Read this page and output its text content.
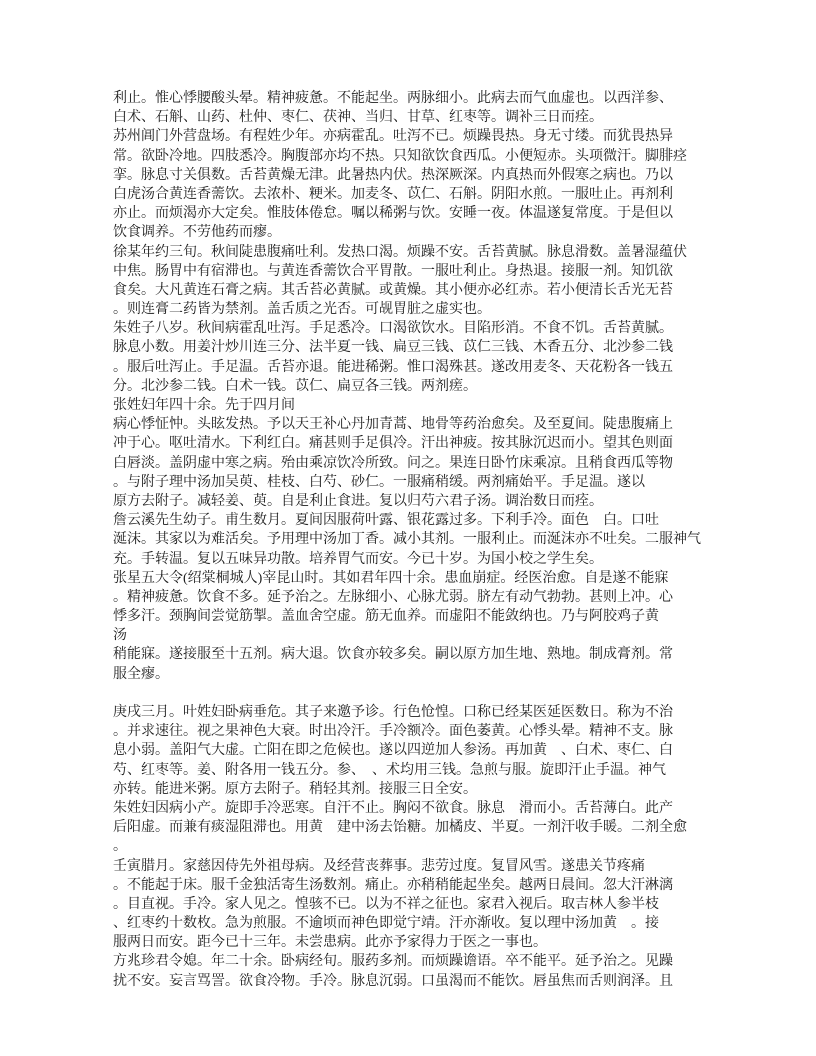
利止。惟心悸腰酸头晕。精神疲惫。不能起坐。两脉细小。此病去而气血虚也。以西洋参、
白术、石斛、山药、杜仲、枣仁、茯神、当归、甘草、红枣等。调补三日而痊。
苏州阊门外营盘场。有程姓少年。亦病霍乱。吐泻不已。烦躁畏热。身无寸缕。而犹畏热异
常。欲卧冷地。四肢悉冷。胸腹部亦均不热。只知欲饮食西瓜。小便短赤。头项微汗。脚腓痉
挛。脉息寸关俱数。舌苔黄燥无津。此暑热内伏。热深厥深。内真热而外假寒之病也。乃以
白虎汤合黄连香薷饮。去浓朴、粳米。加麦冬、苡仁、石斛。阴阳水煎。一服吐止。再剂利
亦止。而烦渴亦大定矣。惟肢体倦怠。嘱以稀粥与饮。安睡一夜。体温遂复常度。于是但以
饮食调养。不劳他药而瘳。
徐某年约三旬。秋间陡患腹痛吐利。发热口渴。烦躁不安。舌苔黄腻。脉息滑数。盖暑湿蕴伏
中焦。肠胃中有宿滞也。与黄连香薷饮合平胃散。一服吐利止。身热退。接服一剂。知饥欲
食矣。大凡黄连石膏之病。其舌苔必黄腻。或黄燥。其小便亦必红赤。若小便清长舌光无苔
。则连膏二药皆为禁剂。盖舌质之光否。可觇胃脏之虚实也。
朱姓子八岁。秋间病霍乱吐泻。手足悉冷。口渴欲饮水。目陷形消。不食不饥。舌苔黄腻。
脉息小数。用姜汁炒川连三分、法半夏一钱、扁豆三钱、苡仁三钱、木香五分、北沙参二钱
。服后吐泻止。手足温。舌苔亦退。能进稀粥。惟口渴殊甚。遂改用麦冬、天花粉各一钱五
分。北沙参二钱。白术一钱。苡仁、扁豆各三钱。两剂瘥。
张姓妇年四十余。先于四月间
病心悸怔忡。头眩发热。予以天王补心丹加青蒿、地骨等药治愈矣。及至夏间。陡患腹痛上
冲于心。呕吐清水。下利红白。痛甚则手足俱冷。汗出神疲。按其脉沉迟而小。望其色则面
白唇淡。盖阴虚中寒之病。殆由乘凉饮冷所致。问之。果连日卧竹床乘凉。且稍食西瓜等物
。与附子理中汤加吴萸、桂枝、白芍、砂仁。一服痛稍缓。两剂痛始平。手足温。遂以
原方去附子。减轻姜、萸。自是利止食进。复以归芍六君子汤。调治数日而痊。
詹云溪先生幼子。甫生数月。夏间因服荷叶露、银花露过多。下利手冷。面色　白。口吐
涎沫。其家以为难活矣。予用理中汤加丁香。减小其剂。一服利止。而涎沫亦不吐矣。二服神气
充。手转温。复以五味异功散。培养胃气而安。今已十岁。为国小校之学生矣。
张星五大令(绍棠桐城人)宰昆山时。其如君年四十余。患血崩症。经医治愈。自是遂不能寐
。精神疲惫。饮食不多。延予治之。左脉细小、心脉尤弱。脐左有动气勃勃。甚则上冲。心
悸多汗。颈胸间尝觉筋掣。盖血舍空虚。筋无血养。而虚阳不能敛纳也。乃与阿胶鸡子黄
汤
稍能寐。遂接服至十五剂。病大退。饮食亦较多矣。嗣以原方加生地、熟地。制成膏剂。常
服全瘳。
庚戌三月。叶姓妇卧病垂危。其子来邀予诊。行色怆惶。口称已经某医延医数日。称为不治
。并求速往。视之果神色大衰。时出冷汗。手冷额冷。面色萎黄。心悸头晕。精神不支。脉
息小弱。盖阳气大虚。亡阳在即之危候也。遂以四逆加人参汤。再加黄　、白术、枣仁、白
芍、红枣等。姜、附各用一钱五分。参、　、术均用三钱。急煎与服。旋即汗止手温。神气
亦转。能进米粥。原方去附子。稍轻其剂。接服三日全安。
朱姓妇因病小产。旋即手冷恶寒。自汗不止。胸闷不欲食。脉息　滑而小。舌苔薄白。此产
后阳虚。而兼有痰湿阻滞也。用黄　建中汤去饴糖。加橘皮、半夏。一剂汗收手暖。二剂全愈
。
壬寅腊月。家慈因侍先外祖母病。及经营丧葬事。悲劳过度。复冒风雪。遂患关节疼痛
。不能起于床。服千金独活寄生汤数剂。痛止。亦稍稍能起坐矣。越两日晨间。忽大汗淋漓
。目直视。手冷。家人见之。惶骇不已。以为不祥之征也。家君入视后。取吉林人参半枝
、红枣约十数枚。急为煎服。不逾顷而神色即觉宁靖。汗亦渐收。复以理中汤加黄　。接
服两日而安。距今已十三年。未尝患病。此亦予家得力于医之一事也。
方兆珍君令媳。年二十余。卧病经旬。服药多剂。而烦躁谵语。卒不能平。延予治之。见躁
扰不安。妄言骂詈。欲食冷物。手冷。脉息沉弱。口虽渴而不能饮。唇虽焦而舌则润泽。且
